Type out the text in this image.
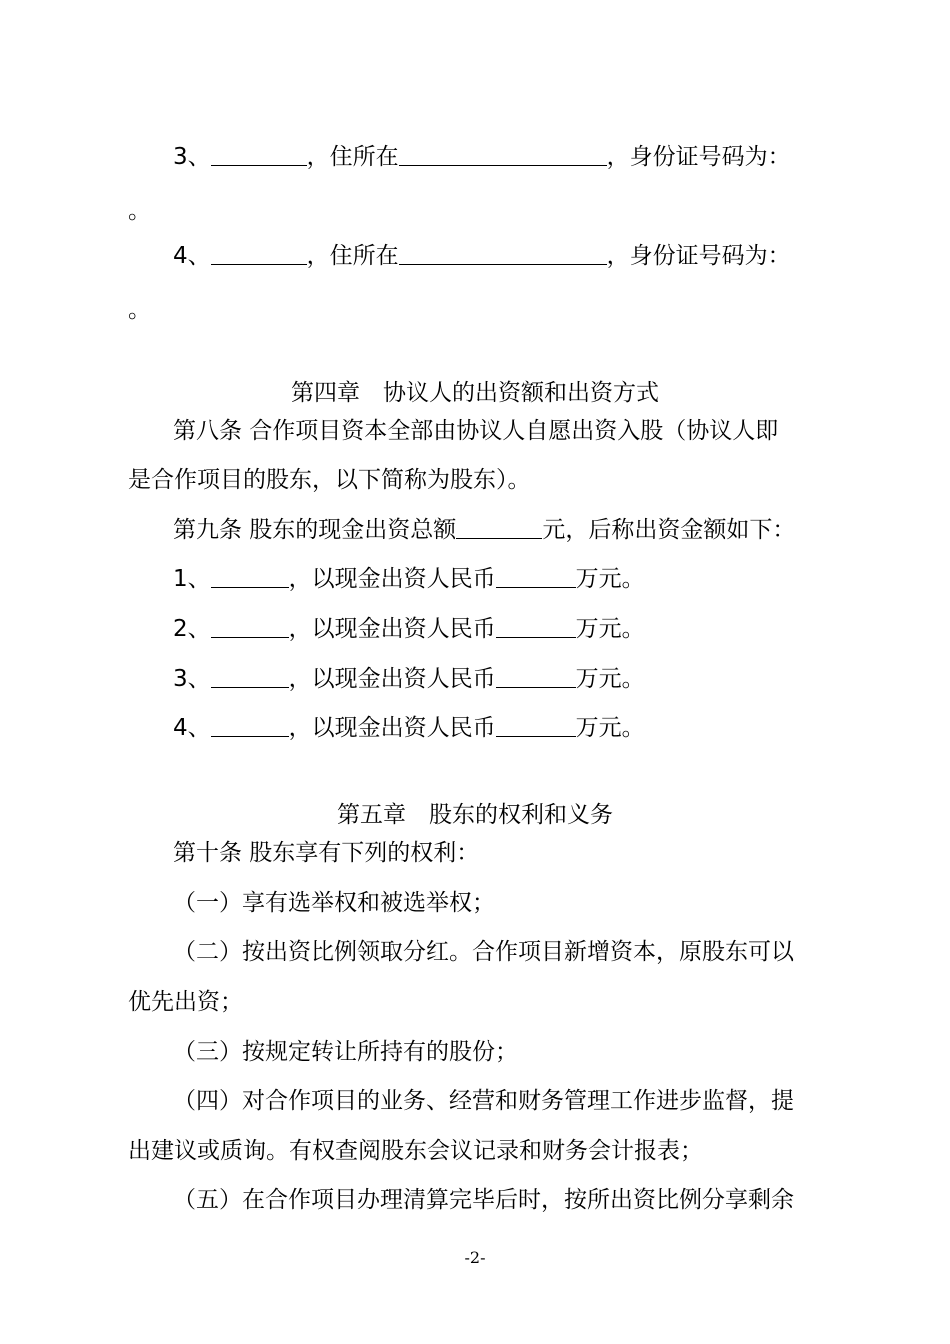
3、	，住所在	，身份证号码为：
。
4、	，住所在	，身份证号码为：
。
第四章　协议人的出资额和出资方式
第八条 合作项目资本全部由协议人自愿出资入股（协议人即
是合作项目的股东，以下简称为股东）。
第九条 股东的现金出资总额	元，后称出资金额如下：
1、	，以现金出资人民币	万元。
2、	，以现金出资人民币	万元。
3、	，以现金出资人民币	万元。
4、	，以现金出资人民币	万元。
第五章　股东的权利和义务
第十条 股东享有下列的权利：
（一）享有选举权和被选举权；
（二）按出资比例领取分红。合作项目新增资本，原股东可以
优先出资；
（三）按规定转让所持有的股份；
（四）对合作项目的业务、经营和财务管理工作进步监督，提
出建议或质询。有权查阅股东会议记录和财务会计报表；
（五）在合作项目办理清算完毕后时，按所出资比例分享剩余
-2-
